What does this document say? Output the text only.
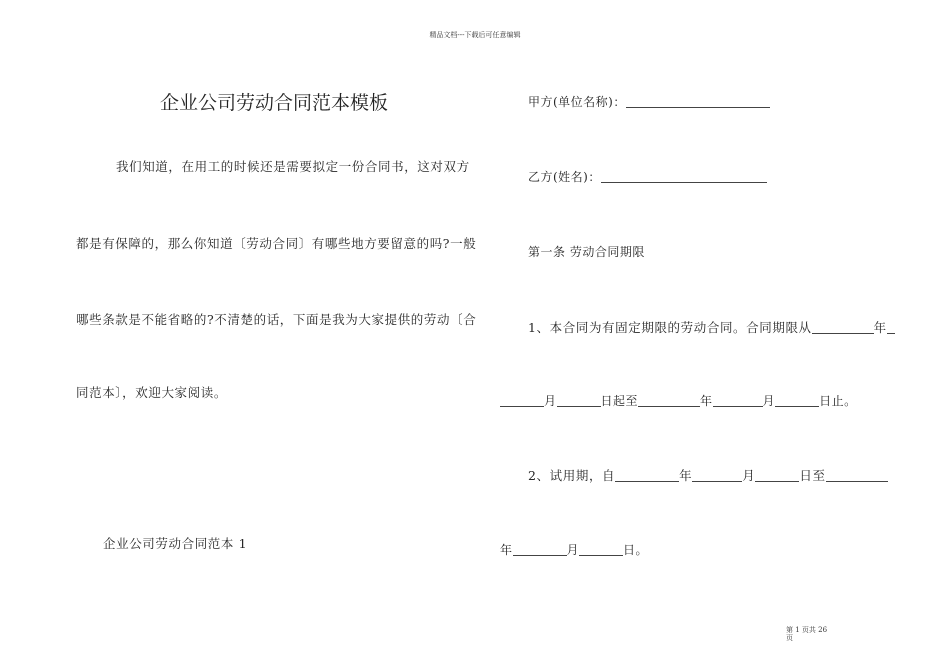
精品文档---下载后可任意编辑
企业公司劳动合同范本模板
我们知道，在用工的时候还是需要拟定一份合同书，这对双方
都是有保障的，那么你知道〔劳动合同〕有哪些地方要留意的吗?一般
哪些条款是不能省略的?不清楚的话，下面是我为大家提供的劳动〔合
同范本〕，欢迎大家阅读。
企业公司劳动合同范本 1
甲方(单位名称)：
乙方(姓名)：
第一条 劳动合同期限
1、本合同为有固定期限的劳动合同。合同期限从	年
月	日起至	年	月	日止。
2、试用期，自	年	月	日至
年	月	日。
第 1 页共 26 页
